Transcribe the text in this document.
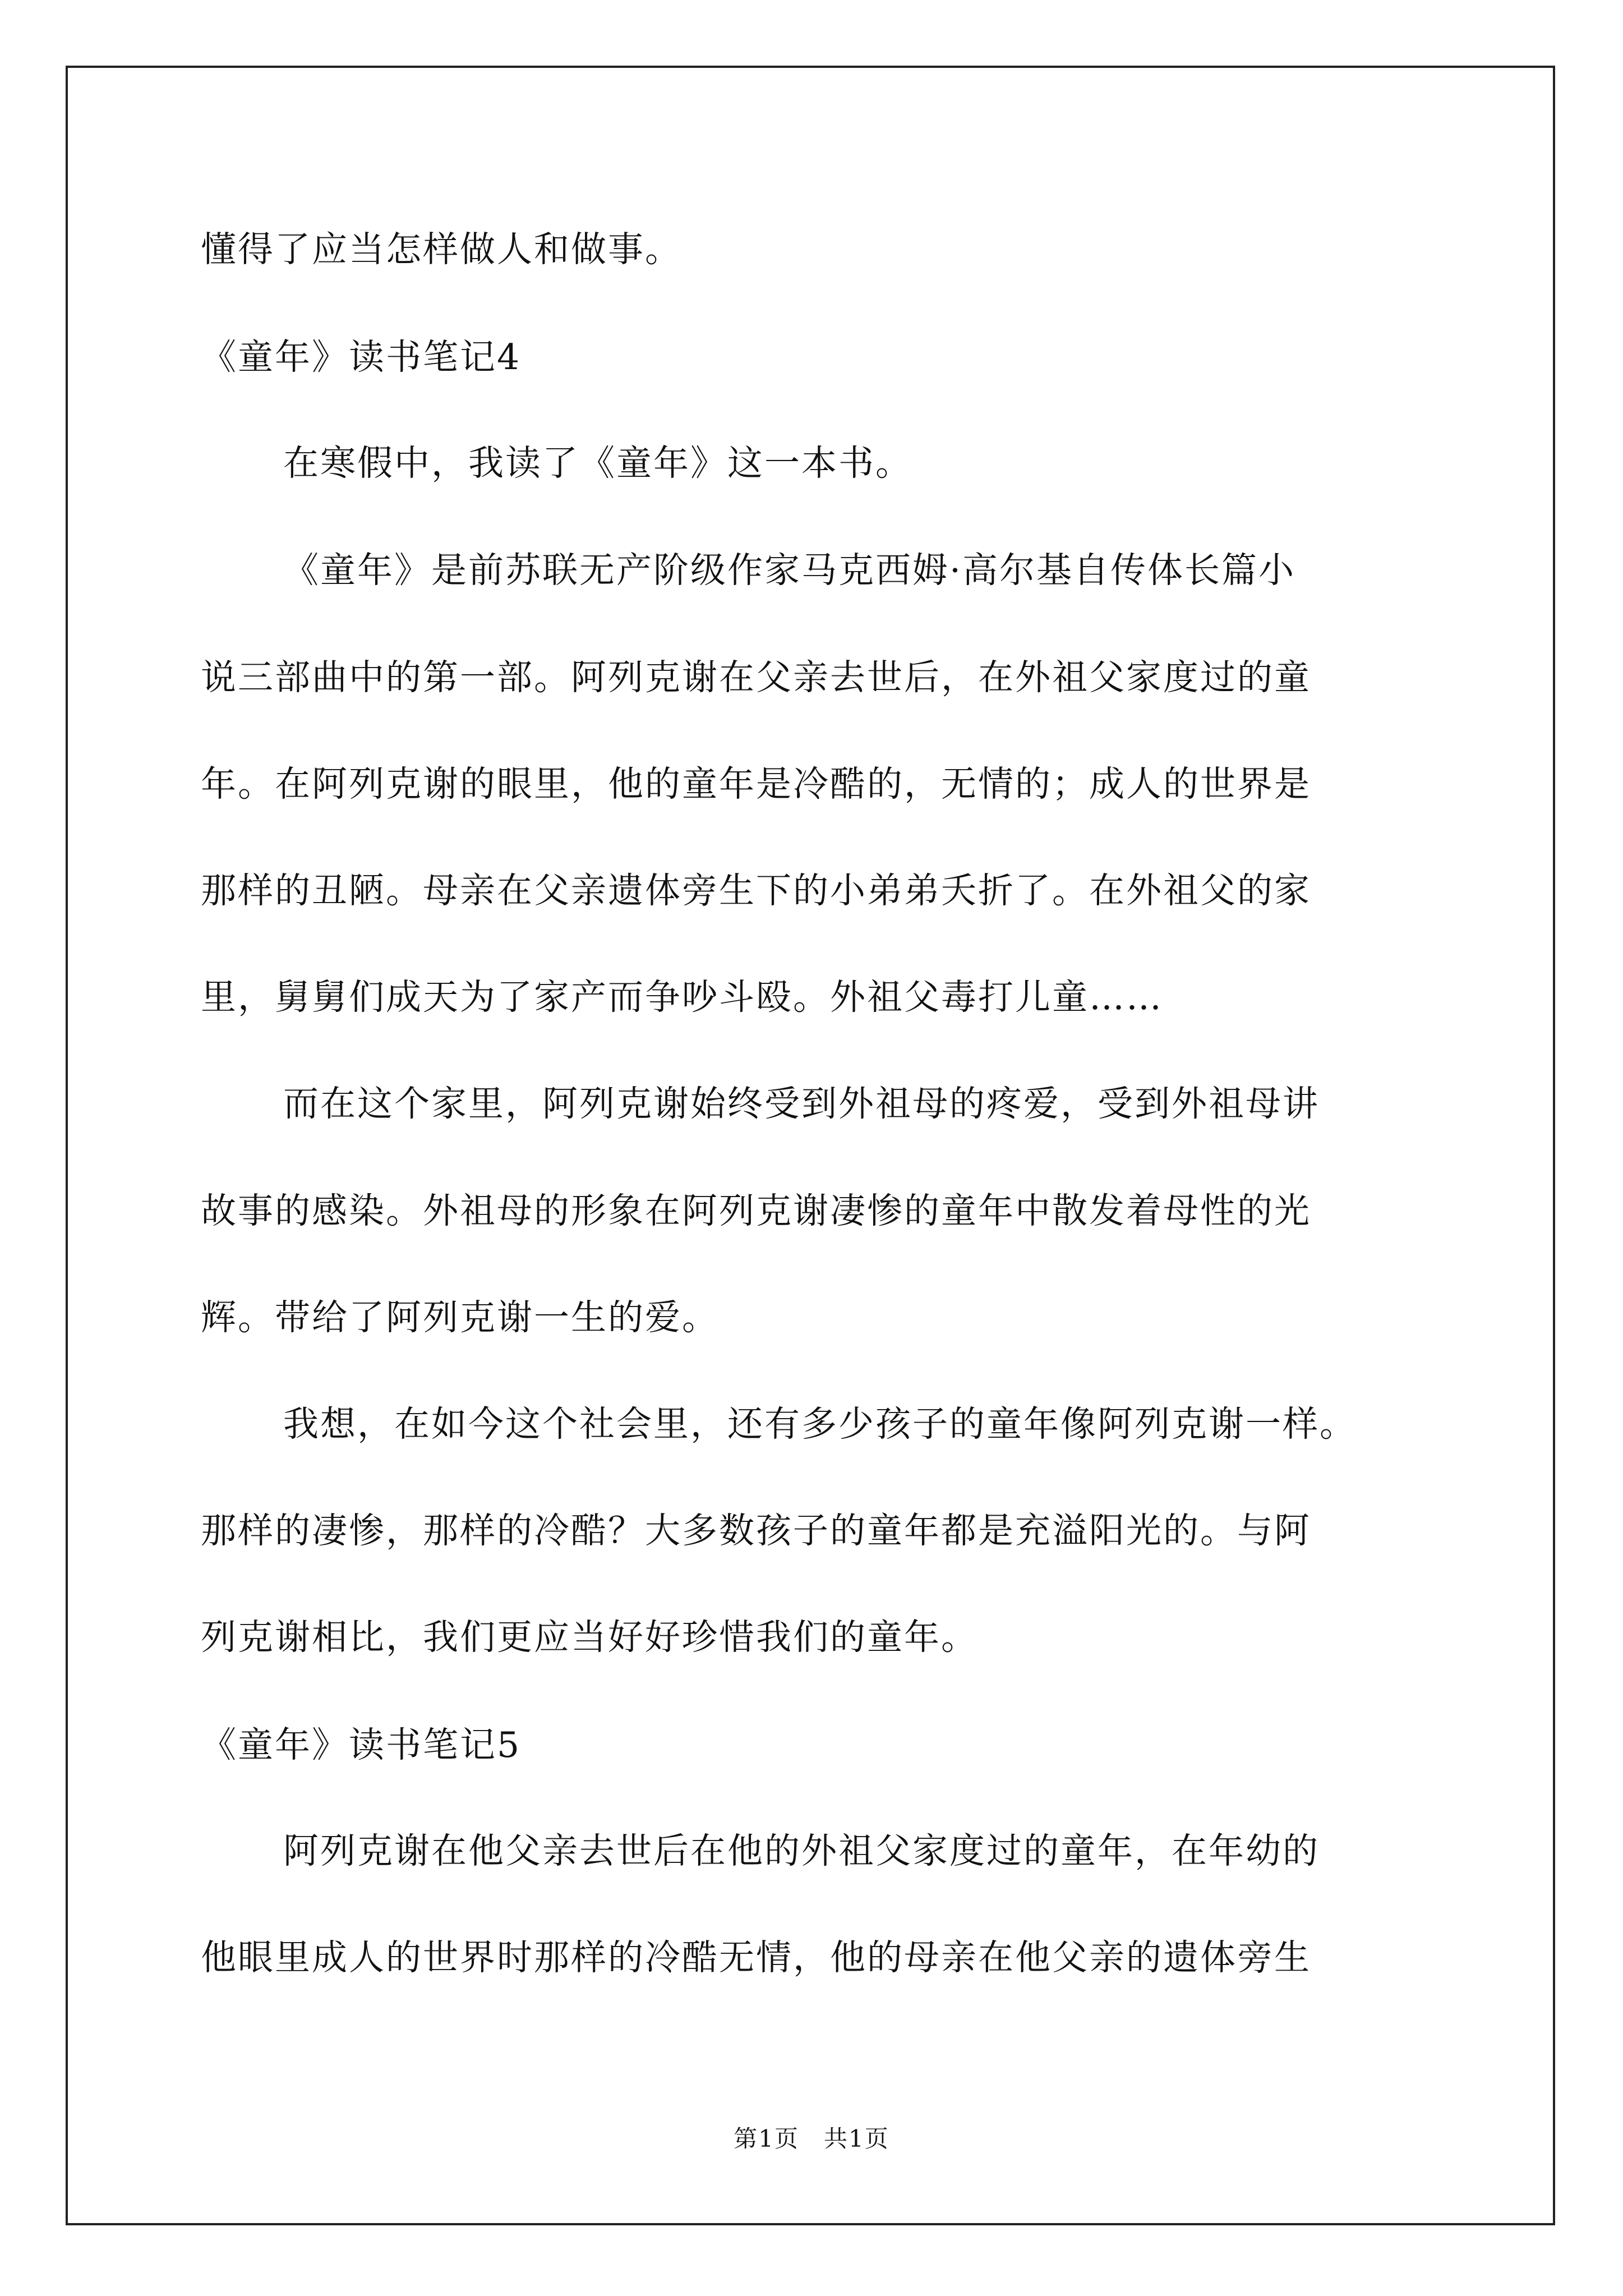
懂得了应当怎样做人和做事。
《童年》读书笔记4
在寒假中，我读了《童年》这一本书。
《童年》是前苏联无产阶级作家马克西姆·高尔基自传体长篇小
说三部曲中的第一部。阿列克谢在父亲去世后，在外祖父家度过的童
年。在阿列克谢的眼里，他的童年是冷酷的，无情的；成人的世界是
那样的丑陋。母亲在父亲遗体旁生下的小弟弟夭折了。在外祖父的家
里，舅舅们成天为了家产而争吵斗殴。外祖父毒打儿童……
而在这个家里，阿列克谢始终受到外祖母的疼爱，受到外祖母讲
故事的感染。外祖母的形象在阿列克谢凄惨的童年中散发着母性的光
辉。带给了阿列克谢一生的爱。
我想，在如今这个社会里，还有多少孩子的童年像阿列克谢一样。
那样的凄惨，那样的冷酷？大多数孩子的童年都是充溢阳光的。与阿
列克谢相比，我们更应当好好珍惜我们的童年。
《童年》读书笔记5
阿列克谢在他父亲去世后在他的外祖父家度过的童年，在年幼的
他眼里成人的世界时那样的冷酷无情，他的母亲在他父亲的遗体旁生
第1页　共1页
